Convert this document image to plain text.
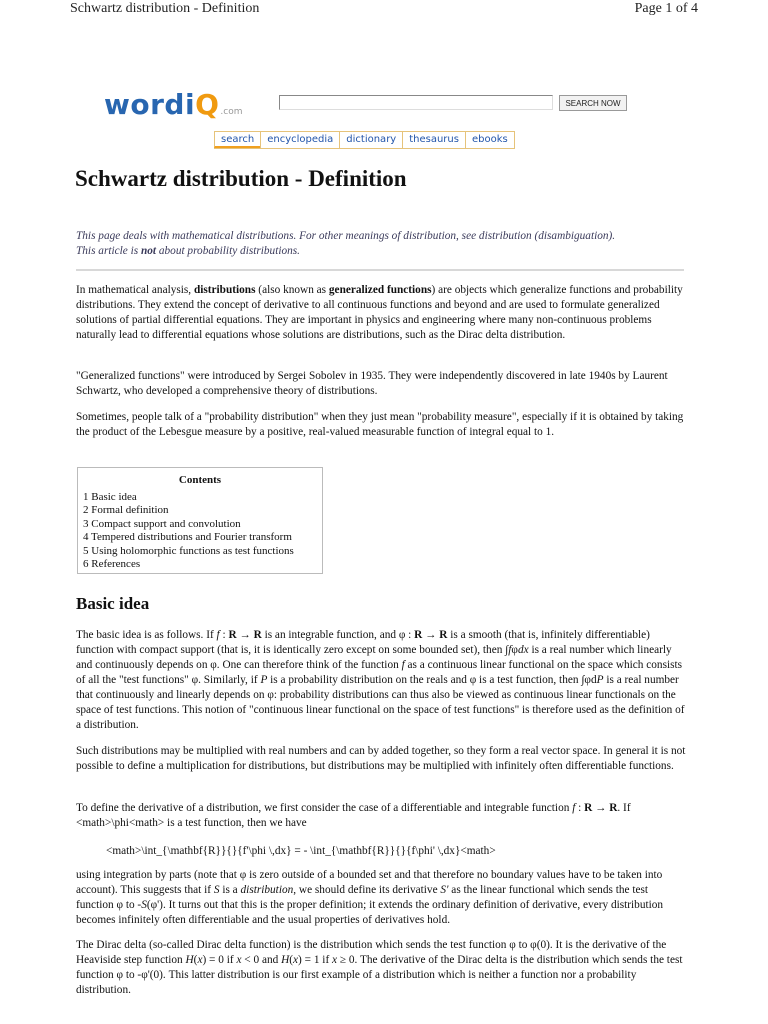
Schwartz distribution - Definition	Page 1 of 4
wordiQ.com
SEARCH NOW
search	encyclopedia	dictionary	thesaurus	ebooks
Schwartz distribution - Definition
This page deals with mathematical distributions. For other meanings of distribution, see distribution (disambiguation).
This article is not about probability distributions.

In mathematical analysis, distributions (also known as generalized functions) are objects which generalize functions and probability distributions. They extend the concept of derivative to all continuous functions and beyond and are used to formulate generalized solutions of partial differential equations. They are important in physics and engineering where many non-continuous problems naturally lead to differential equations whose solutions are distributions, such as the Dirac delta distribution.

"Generalized functions" were introduced by Sergei Sobolev in 1935. They were independently discovered in late 1940s by Laurent Schwartz, who developed a comprehensive theory of distributions.

Sometimes, people talk of a "probability distribution" when they just mean "probability measure", especially if it is obtained by taking the product of the Lebesgue measure by a positive, real-valued measurable function of integral equal to 1.

Contents
1 Basic idea
2 Formal definition
3 Compact support and convolution
4 Tempered distributions and Fourier transform
5 Using holomorphic functions as test functions
6 References
Basic idea

The basic idea is as follows. If f : R → R is an integrable function, and φ : R → R is a smooth (that is, infinitely differentiable) function with compact support (that is, it is identically zero except on some bounded set), then ∫fφdx is a real number which linearly and continuously depends on φ. One can therefore think of the function f as a continuous linear functional on the space which consists of all the "test functions" φ. Similarly, if P is a probability distribution on the reals and φ is a test function, then ∫φdP is a real number that continuously and linearly depends on φ: probability distributions can thus also be viewed as continuous linear functionals on the space of test functions. This notion of "continuous linear functional on the space of test functions" is therefore used as the definition of a distribution.

Such distributions may be multiplied with real numbers and can by added together, so they form a real vector space. In general it is not possible to define a multiplication for distributions, but distributions may be multiplied with infinitely often differentiable functions.

To define the derivative of a distribution, we first consider the case of a differentiable and integrable function f : R → R. If <math>\phi<math> is a test function, then we have

<math>\int_{\mathbf{R}}{}{f'\phi \,dx} = - \int_{\mathbf{R}}{}{f\phi' \,dx}<math>

using integration by parts (note that φ is zero outside of a bounded set and that therefore no boundary values have to be taken into account). This suggests that if S is a distribution, we should define its derivative S' as the linear functional which sends the test function φ to -S(φ'). It turns out that this is the proper definition; it extends the ordinary definition of derivative, every distribution becomes infinitely often differentiable and the usual properties of derivatives hold.

The Dirac delta (so-called Dirac delta function) is the distribution which sends the test function φ to φ(0). It is the derivative of the Heaviside step function H(x) = 0 if x < 0 and H(x) = 1 if x ≥ 0. The derivative of the Dirac delta is the distribution which sends the test function φ to -φ'(0). This latter distribution is our first example of a distribution which is neither a function nor a probability distribution.
